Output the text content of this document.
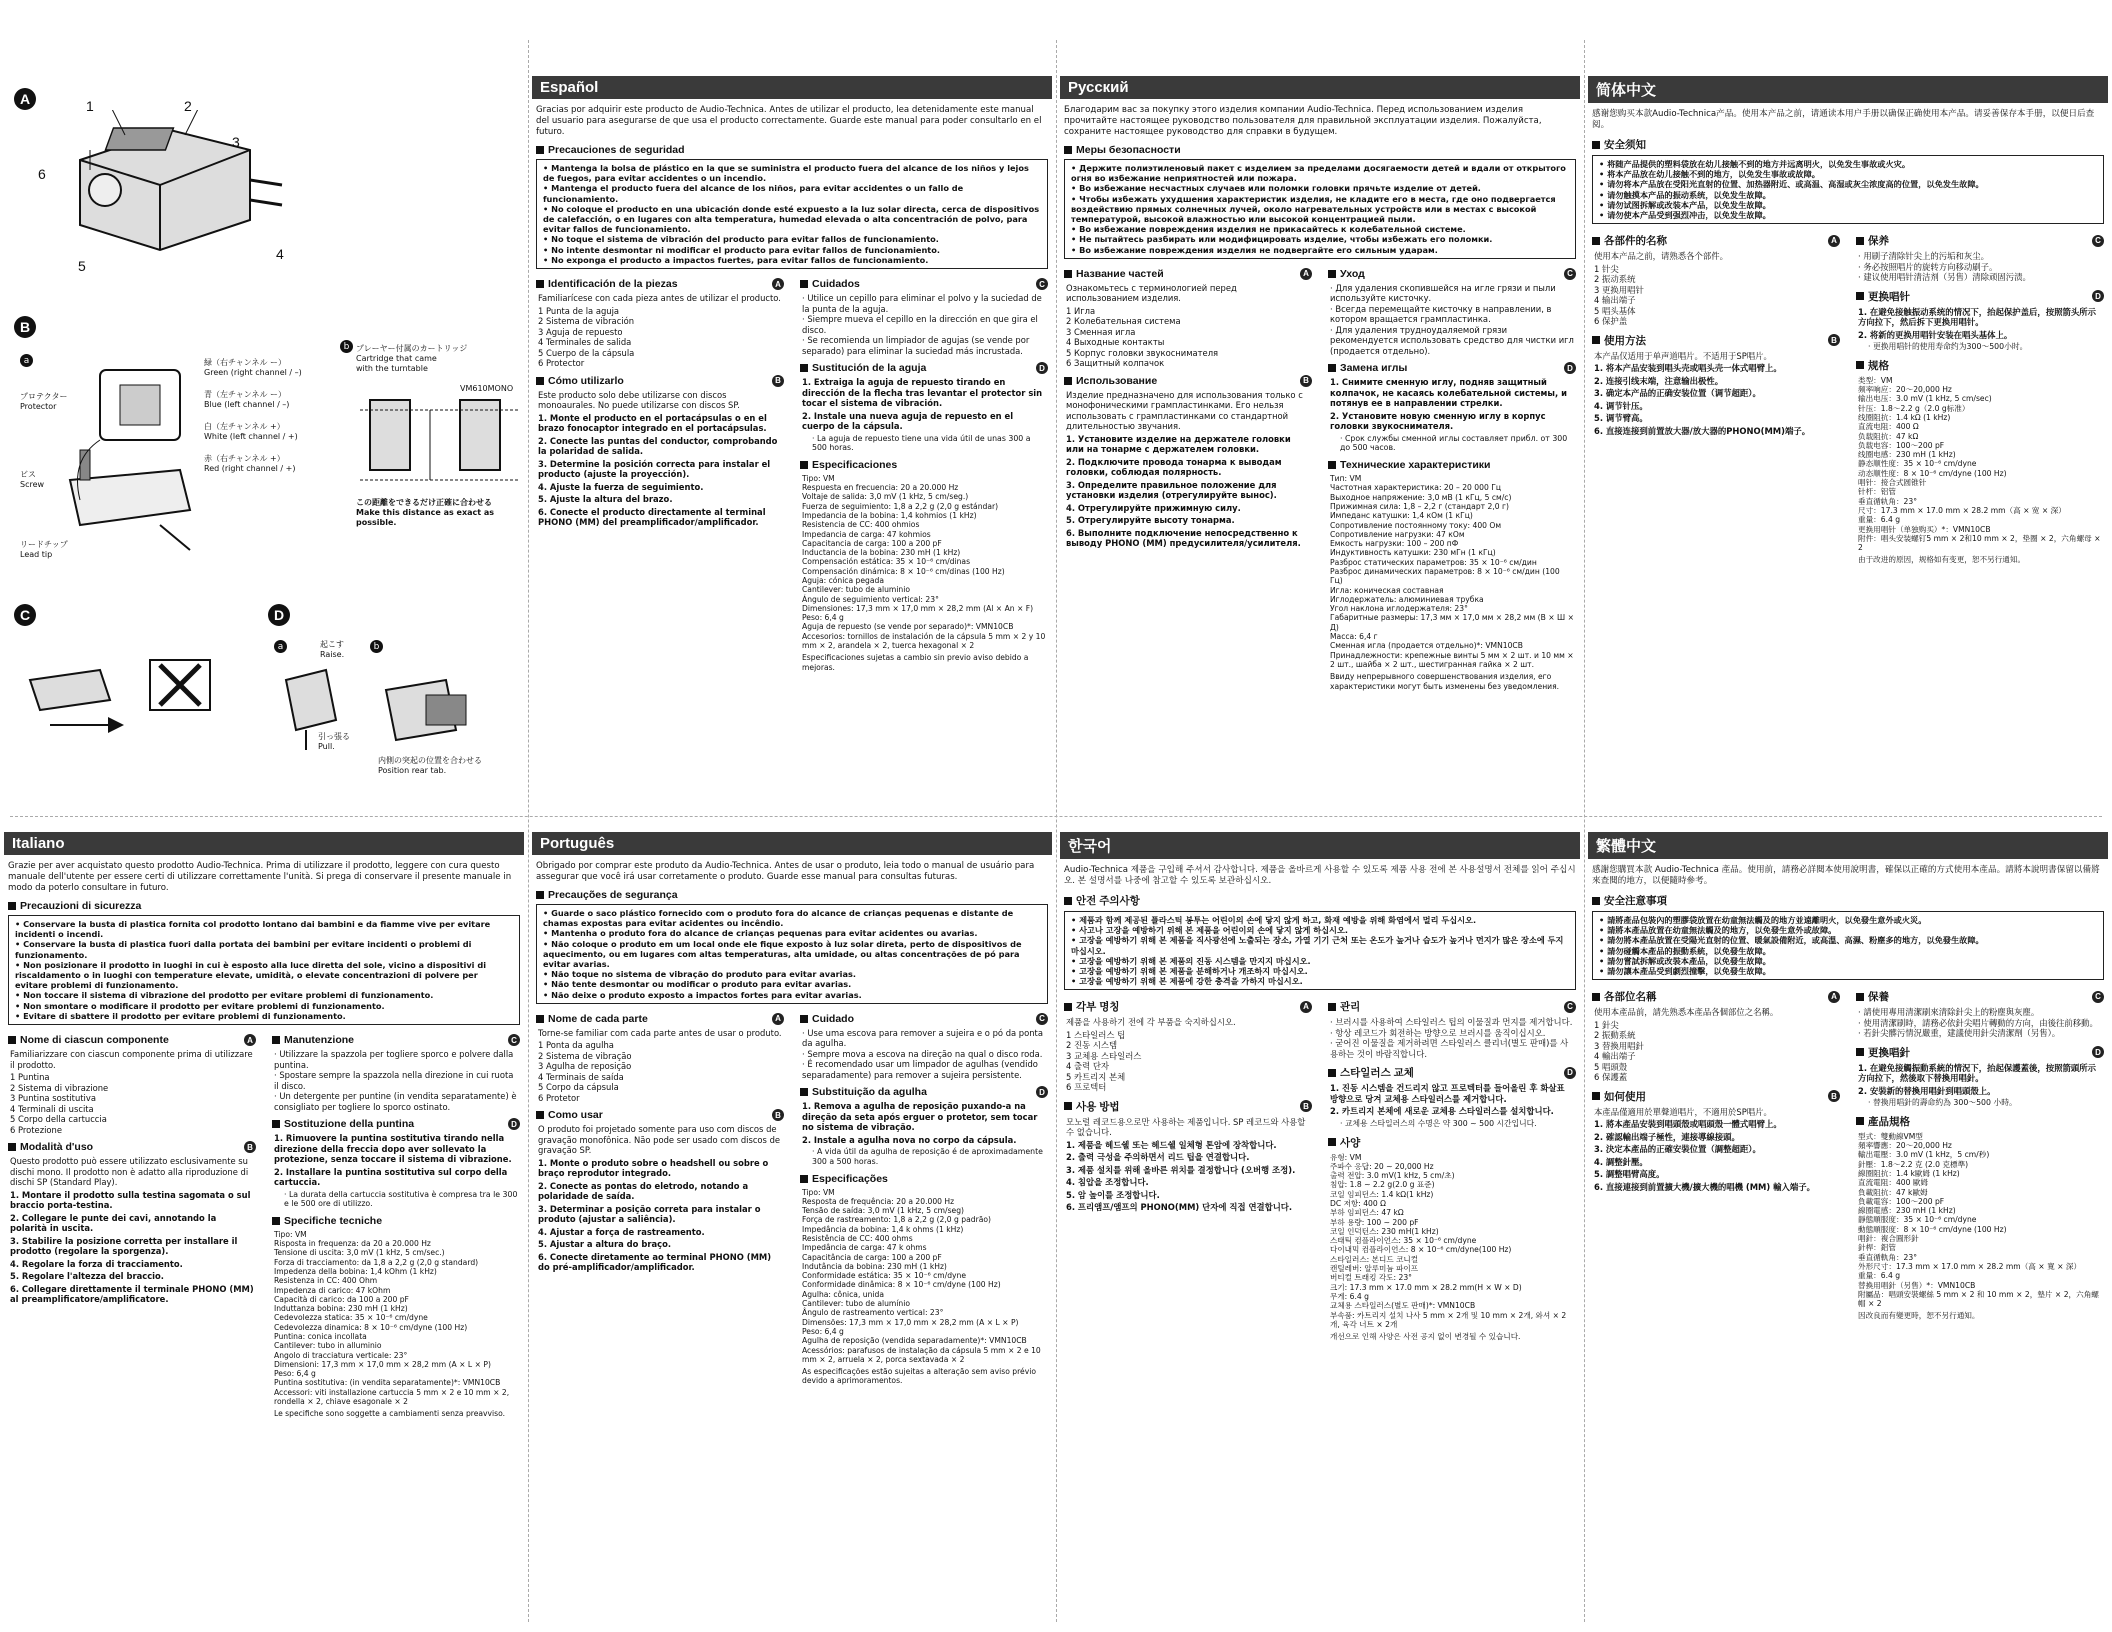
A	1	2
3
4
5
6
B
a
b
緑（右チャンネル ー）
Green (right channel / –)
青（左チャンネル ー）
Blue (left channel / –)
白（左チャンネル +）
White (left channel / +)
赤（右チャンネル +）
Red (right channel / +)
プロテクター
Protector
ビス
Screw
リードチップ
Lead tip
プレーヤー付属のカートリッジ
Cartridge that came
with the turntable
VM610MONO
この距離をできるだけ正確に合わせる
Make this distance as exact as
possible.
C	D
a	b
起こす
Raise.
引っ張る
Pull.
内側の突起の位置を合わせる
Position rear tab.
Español
Gracias por adquirir este producto de Audio-Technica. Antes de utilizar el producto, lea detenidamente este manual del usuario para asegurarse de que usa el producto correctamente. Guarde este manual para poder consultarlo en el futuro.
Precauciones de seguridad
• Mantenga la bolsa de plástico en la que se suministra el producto fuera del alcance de los niños y lejos de fuegos, para evitar accidentes o un incendio.
• Mantenga el producto fuera del alcance de los niños, para evitar accidentes o un fallo de funcionamiento.
• No coloque el producto en una ubicación donde esté expuesto a la luz solar directa, cerca de dispositivos de calefacción, o en lugares con alta temperatura, humedad elevada o alta concentración de polvo, para evitar fallos de funcionamiento.
• No toque el sistema de vibración del producto para evitar fallos de funcionamiento.
• No intente desmontar ni modificar el producto para evitar fallos de funcionamiento.
• No exponga el producto a impactos fuertes, para evitar fallos de funcionamiento.
Identificación de la piezas	A
Familiarícese con cada pieza antes de utilizar el producto.
1 Punta de la aguja
2 Sistema de vibración
3 Aguja de repuesto
4 Terminales de salida
5 Cuerpo de la cápsula
6 Protector
Cómo utilizarlo	B
Este producto solo debe utilizarse con discos monoaurales. No puede utilizarse con discos SP.
1. Monte el producto en el portacápsulas o en el brazo fonocaptor integrado en el portacápsulas.
2. Conecte las puntas del conductor, comprobando la polaridad de salida.
3. Determine la posición correcta para instalar el producto (ajuste la proyección).
4. Ajuste la fuerza de seguimiento.
5. Ajuste la altura del brazo.
6. Conecte el producto directamente al terminal PHONO (MM) del preamplificador/amplificador.
Cuidados	C
· Utilice un cepillo para eliminar el polvo y la suciedad de la punta de la aguja.
· Siempre mueva el cepillo en la dirección en que gira el disco.
· Se recomienda un limpiador de agujas (se vende por separado) para eliminar la suciedad más incrustada.
Sustitución de la aguja	D
1. Extraiga la aguja de repuesto tirando en dirección de la flecha tras levantar el protector sin tocar el sistema de vibración.
2. Instale una nueva aguja de repuesto en el cuerpo de la cápsula.
· La aguja de repuesto tiene una vida útil de unas 300 a 500 horas.
Especificaciones
Tipo: VM
Respuesta en frecuencia: 20 a 20.000 Hz
Voltaje de salida: 3,0 mV (1 kHz, 5 cm/seg.)
Fuerza de seguimiento: 1,8 a 2,2 g (2,0 g estándar)
Impedancia de la bobina: 1,4 kohmios (1 kHz)
Resistencia de CC: 400 ohmios
Impedancia de carga: 47 kohmios
Capacitancia de carga: 100 a 200 pF
Inductancia de la bobina: 230 mH (1 kHz)
Compensación estática: 35 × 10⁻⁶ cm/dinas
Compensación dinámica: 8 × 10⁻⁶ cm/dinas (100 Hz)
Aguja: cónica pegada
Cantilever: tubo de aluminio
Ángulo de seguimiento vertical: 23°
Dimensiones: 17,3 mm × 17,0 mm × 28,2 mm (Al × An × F)
Peso: 6,4 g
Aguja de repuesto (se vende por separado)*: VMN10CB
Accesorios: tornillos de instalación de la cápsula 5 mm × 2 y 10 mm × 2, arandela × 2, tuerca hexagonal × 2
Especificaciones sujetas a cambio sin previo aviso debido a mejoras.
Русский
Благодарим вас за покупку этого изделия компании Audio-Technica. Перед использованием изделия прочитайте настоящее руководство пользователя для правильной эксплуатации изделия. Пожалуйста, сохраните настоящее руководство для справки в будущем.
Меры безопасности
• Держите полиэтиленовый пакет с изделием за пределами досягаемости детей и вдали от открытого огня во избежание неприятностей или пожара.
• Во избежание несчастных случаев или поломки головки прячьте изделие от детей.
• Чтобы избежать ухудшения характеристик изделия, не кладите его в места, где оно подвергается воздействию прямых солнечных лучей, около нагревательных устройств или в местах с высокой температурой, высокой влажностью или высокой концентрацией пыли.
• Во избежание повреждения изделия не прикасайтесь к колебательной системе.
• Не пытайтесь разбирать или модифицировать изделие, чтобы избежать его поломки.
• Во избежание повреждения изделия не подвергайте его сильным ударам.
Название частей	A
Ознакомьтесь с терминологией перед использованием изделия.
1 Игла
2 Колебательная система
3 Сменная игла
4 Выходные контакты
5 Корпус головки звукоснимателя
6 Защитный колпачок
Использование	B
Изделие предназначено для использования только с монофоническими грампластинками. Его нельзя использовать с грампластинками со стандартной длительностью звучания.
1. Установите изделие на держателе головки или на тонарме с держателем головки.
2. Подключите провода тонарма к выводам головки, соблюдая полярность.
3. Определите правильное положение для установки изделия (отрегулируйте вынос).
4. Отрегулируйте прижимную силу.
5. Отрегулируйте высоту тонарма.
6. Выполните подключение непосредственно к выводу PHONO (MM) предусилителя/усилителя.
Уход	C
· Для удаления скопившейся на игле грязи и пыли используйте кисточку.
· Всегда перемещайте кисточку в направлении, в котором вращается грампластинка.
· Для удаления трудноудаляемой грязи рекомендуется использовать средство для чистки игл (продается отдельно).
Замена иглы	D
1. Снимите сменную иглу, подняв защитный колпачок, не касаясь колебательной системы, и потянув ее в направлении стрелки.
2. Установите новую сменную иглу в корпус головки звукоснимателя.
· Срок службы сменной иглы составляет прибл. от 300 до 500 часов.
Технические характеристики
Тип: VM
Частотная характеристика: 20 – 20 000 Гц
Выходное напряжение: 3,0 мВ (1 кГц, 5 см/с)
Прижимная сила: 1,8 – 2,2 г (стандарт 2,0 г)
Импеданс катушки: 1,4 кОм (1 кГц)
Сопротивление постоянному току: 400 Ом
Сопротивление нагрузки: 47 кОм
Емкость нагрузки: 100 – 200 пФ
Индуктивность катушки: 230 мГн (1 кГц)
Разброс статических параметров: 35 × 10⁻⁶ см/дин
Разброс динамических параметров: 8 × 10⁻⁶ см/дин (100 Гц)
Игла: коническая составная
Иглодержатель: алюминиевая трубка
Угол наклона иглодержателя: 23°
Габаритные размеры: 17,3 мм × 17,0 мм × 28,2 мм (В × Ш × Д)
Масса: 6,4 г
Сменная игла (продается отдельно)*: VMN10CB
Принадлежности: крепежные винты 5 мм × 2 шт. и 10 мм × 2 шт., шайба × 2 шт., шестигранная гайка × 2 шт.
Ввиду непрерывного совершенствования изделия, его характеристики могут быть изменены без уведомления.
简体中文
感谢您购买本款Audio-Technica产品。使用本产品之前，请通读本用户手册以确保正确使用本产品。请妥善保存本手册，以便日后查阅。
安全须知
• 将随产品提供的塑料袋放在幼儿接触不到的地方并远离明火，以免发生事故或火灾。
• 将本产品放在幼儿接触不到的地方，以免发生事故或故障。
• 请勿将本产品放在受阳光直射的位置、加热器附近、或高温、高湿或灰尘浓度高的位置，以免发生故障。
• 请勿触摸本产品的振动系统，以免发生故障。
• 请勿试图拆解或改装本产品，以免发生故障。
• 请勿使本产品受到强烈冲击，以免发生故障。
各部件的名称	A
使用本产品之前，请熟悉各个部件。
1 针尖
2 振动系统
3 更换用唱针
4 输出端子
5 唱头基体
6 保护盖
使用方法	B
本产品仅适用于单声道唱片。不适用于SP唱片。
1. 将本产品安装到唱头壳或唱头壳一体式唱臂上。
2. 连接引线末端，注意输出极性。
3. 确定本产品的正确安装位置（调节超距）。
4. 调节针压。
5. 调节臂高。
6. 直接连接到前置放大器/放大器的PHONO(MM)端子。
保养	C
· 用刷子清除针尖上的污垢和灰尘。
· 务必按照唱片的旋转方向移动刷子。
· 建议使用唱针清洁剂（另售）清除顽固污渍。
更换唱针	D
1. 在避免接触振动系统的情况下，抬起保护盖后，按照箭头所示方向拉下，然后拆下更换用唱针。
2. 将新的更换用唱针安装在唱头基体上。
· 更换用唱针的使用寿命约为300～500小时。
规格
类型：VM
频率响应：20～20,000 Hz
输出电压：3.0 mV (1 kHz, 5 cm/sec)
针压：1.8～2.2 g（2.0 g标准）
线圈阻抗：1.4 kΩ (1 kHz)
直流电阻：400 Ω
负载阻抗：47 kΩ
负载电容：100～200 pF
线圈电感：230 mH (1 kHz)
静态顺性度：35 × 10⁻⁶ cm/dyne
动态顺性度：8 × 10⁻⁶ cm/dyne (100 Hz)
唱针：接合式圆锥针
针杆：铝管
垂直循轨角：23°
尺寸：17.3 mm × 17.0 mm × 28.2 mm（高 × 宽 × 深）
重量：6.4 g
更换用唱针（单独购买）*：VMN10CB
附件：唱头安装螺钉5 mm × 2和10 mm × 2，垫圈 × 2，六角螺母 × 2
由于改进的原因，规格如有变更，恕不另行通知。
Italiano
Grazie per aver acquistato questo prodotto Audio-Technica. Prima di utilizzare il prodotto, leggere con cura questo manuale dell'utente per essere certi di utilizzare correttamente l'unità. Si prega di conservare il presente manuale in modo da poterlo consultare in futuro.
Precauzioni di sicurezza
• Conservare la busta di plastica fornita col prodotto lontano dai bambini e da fiamme vive per evitare incidenti o incendi.
• Conservare la busta di plastica fuori dalla portata dei bambini per evitare incidenti o problemi di funzionamento.
• Non posizionare il prodotto in luoghi in cui è esposto alla luce diretta del sole, vicino a dispositivi di riscaldamento o in luoghi con temperature elevate, umidità, o elevate concentrazioni di polvere per evitare problemi di funzionamento.
• Non toccare il sistema di vibrazione del prodotto per evitare problemi di funzionamento.
• Non smontare o modificare il prodotto per evitare problemi di funzionamento.
• Evitare di sbattere il prodotto per evitare problemi di funzionamento.
Nome di ciascun componente	A
Familiarizzare con ciascun componente prima di utilizzare il prodotto.
1 Puntina
2 Sistema di vibrazione
3 Puntina sostitutiva
4 Terminali di uscita
5 Corpo della cartuccia
6 Protezione
Modalità d'uso	B
Questo prodotto può essere utilizzato esclusivamente su dischi mono. Il prodotto non è adatto alla riproduzione di dischi SP (Standard Play).
1. Montare il prodotto sulla testina sagomata o sul braccio porta-testina.
2. Collegare le punte dei cavi, annotando la polarità in uscita.
3. Stabilire la posizione corretta per installare il prodotto (regolare la sporgenza).
4. Regolare la forza di tracciamento.
5. Regolare l'altezza del braccio.
6. Collegare direttamente il terminale PHONO (MM) al preamplificatore/amplificatore.
Manutenzione	C
· Utilizzare la spazzola per togliere sporco e polvere dalla puntina.
· Spostare sempre la spazzola nella direzione in cui ruota il disco.
· Un detergente per puntine (in vendita separatamente) è consigliato per togliere lo sporco ostinato.
Sostituzione della puntina	D
1. Rimuovere la puntina sostitutiva tirando nella direzione della freccia dopo aver sollevato la protezione, senza toccare il sistema di vibrazione.
2. Installare la puntina sostitutiva sul corpo della cartuccia.
· La durata della cartuccia sostitutiva è compresa tra le 300 e le 500 ore di utilizzo.
Specifiche tecniche
Tipo: VM
Risposta in frequenza: da 20 a 20.000 Hz
Tensione di uscita: 3,0 mV (1 kHz, 5 cm/sec.)
Forza di tracciamento: da 1,8 a 2,2 g (2,0 g standard)
Impedenza della bobina: 1,4 kOhm (1 kHz)
Resistenza in CC: 400 Ohm
Impedenza di carico: 47 kOhm
Capacità di carico: da 100 a 200 pF
Induttanza bobina: 230 mH (1 kHz)
Cedevolezza statica: 35 × 10⁻⁶ cm/dyne
Cedevolezza dinamica: 8 × 10⁻⁶ cm/dyne (100 Hz)
Puntina: conica incollata
Cantilever: tubo in alluminio
Angolo di tracciatura verticale: 23°
Dimensioni: 17,3 mm × 17,0 mm × 28,2 mm (A × L × P)
Peso: 6,4 g
Puntina sostitutiva: (in vendita separatamente)*: VMN10CB
Accessori: viti installazione cartuccia 5 mm × 2 e 10 mm × 2, rondella × 2, chiave esagonale × 2
Le specifiche sono soggette a cambiamenti senza preavviso.
Português
Obrigado por comprar este produto da Audio-Technica. Antes de usar o produto, leia todo o manual de usuário para assegurar que você irá usar corretamente o produto. Guarde esse manual para consultas futuras.
Precauções de segurança
• Guarde o saco plástico fornecido com o produto fora do alcance de crianças pequenas e distante de chamas expostas para evitar acidentes ou incêndio.
• Mantenha o produto fora do alcance de crianças pequenas para evitar acidentes ou avarias.
• Não coloque o produto em um local onde ele fique exposto à luz solar direta, perto de dispositivos de aquecimento, ou em lugares com altas temperaturas, alta umidade, ou altas concentrações de pó para evitar avarias.
• Não toque no sistema de vibração do produto para evitar avarias.
• Não tente desmontar ou modificar o produto para evitar avarias.
• Não deixe o produto exposto a impactos fortes para evitar avarias.
Nome de cada parte	A
Torne-se familiar com cada parte antes de usar o produto.
1 Ponta da agulha
2 Sistema de vibração
3 Agulha de reposição
4 Terminais de saída
5 Corpo da cápsula
6 Protetor
Como usar	B
O produto foi projetado somente para uso com discos de gravação monofônica. Não pode ser usado com discos de gravação SP.
1. Monte o produto sobre o headshell ou sobre o braço reprodutor integrado.
2. Conecte as pontas do eletrodo, notando a polaridade de saída.
3. Determinar a posição correta para instalar o produto (ajustar a saliência).
4. Ajustar a força de rastreamento.
5. Ajustar a altura do braço.
6. Conecte diretamente ao terminal PHONO (MM) do pré-amplificador/amplificador.
Cuidado	C
· Use uma escova para remover a sujeira e o pó da ponta da agulha.
· Sempre mova a escova na direção na qual o disco roda.
· É recomendado usar um limpador de agulhas (vendido separadamente) para remover a sujeira persistente.
Substituição da agulha	D
1. Remova a agulha de reposição puxando-a na direção da seta após erguer o protetor, sem tocar no sistema de vibração.
2. Instale a agulha nova no corpo da cápsula.
· A vida útil da agulha de reposição é de aproximadamente 300 a 500 horas.
Especificações
Tipo: VM
Resposta de frequência: 20 a 20.000 Hz
Tensão de saída: 3,0 mV (1 kHz, 5 cm/seg)
Força de rastreamento: 1,8 a 2,2 g (2,0 g padrão)
Impedância da bobina: 1,4 k ohms (1 kHz)
Resistência de CC: 400 ohms
Impedância de carga: 47 k ohms
Capacitância de carga: 100 a 200 pF
Indutância da bobina: 230 mH (1 kHz)
Conformidade estática: 35 × 10⁻⁶ cm/dyne
Conformidade dinâmica: 8 × 10⁻⁶ cm/dyne (100 Hz)
Agulha: cônica, unida
Cantilever: tubo de alumínio
Ângulo de rastreamento vertical: 23°
Dimensões: 17,3 mm × 17,0 mm × 28,2 mm (A × L × P)
Peso: 6,4 g
Agulha de reposição (vendida separadamente)*: VMN10CB
Acessórios: parafusos de instalação da cápsula 5 mm × 2 e 10 mm × 2, arruela × 2, porca sextavada × 2
As especificações estão sujeitas a alteração sem aviso prévio devido a aprimoramentos.
한국어
Audio-Technica 제품을 구입해 주셔서 감사합니다. 제품을 올바르게 사용할 수 있도록 제품 사용 전에 본 사용설명서 전체를 읽어 주십시오. 본 설명서를 나중에 참고할 수 있도록 보관하십시오.
안전 주의사항
• 제품과 함께 제공된 플라스틱 봉투는 어린이의 손에 닿지 않게 하고, 화재 예방을 위해 화염에서 멀리 두십시오.
• 사고나 고장을 예방하기 위해 본 제품을 어린이의 손에 닿지 않게 하십시오.
• 고장을 예방하기 위해 본 제품을 직사광선에 노출되는 장소, 가열 기기 근처 또는 온도가 높거나 습도가 높거나 먼지가 많은 장소에 두지 마십시오.
• 고장을 예방하기 위해 본 제품의 진동 시스템을 만지지 마십시오.
• 고장을 예방하기 위해 본 제품을 분해하거나 개조하지 마십시오.
• 고장을 예방하기 위해 본 제품에 강한 충격을 가하지 마십시오.
각부 명칭	A
제품을 사용하기 전에 각 부품을 숙지하십시오.
1 스타일러스 팁
2 진동 시스템
3 교체용 스타일러스
4 출력 단자
5 카트리지 본체
6 프로텍터
사용 방법	B
모노럴 레코드용으로만 사용하는 제품입니다. SP 레코드와 사용할 수 없습니다.
1. 제품을 헤드쉘 또는 헤드쉘 일체형 톤암에 장착합니다.
2. 출력 극성을 주의하면서 리드 팁을 연결합니다.
3. 제품 설치를 위해 올바른 위치를 결정합니다 (오버행 조정).
4. 침압을 조정합니다.
5. 암 높이를 조정합니다.
6. 프리앰프/앰프의 PHONO(MM) 단자에 직접 연결합니다.
관리	C
· 브러시를 사용하여 스타일러스 팁의 이물질과 먼지를 제거합니다.
· 항상 레코드가 회전하는 방향으로 브러시를 움직이십시오.
· 굳어진 이물질을 제거하려면 스타일러스 클리너(별도 판매)를 사용하는 것이 바람직합니다.
스타일러스 교체	D
1. 진동 시스템을 건드리지 않고 프로텍터를 들어올린 후 화살표 방향으로 당겨 교체용 스타일러스를 제거합니다.
2. 카트리지 본체에 새로운 교체용 스타일러스를 설치합니다.
· 교체용 스타일러스의 수명은 약 300 ~ 500 시간입니다.
사양
유형: VM
주파수 응답: 20 ~ 20,000 Hz
출력 전압: 3.0 mV(1 kHz, 5 cm/초)
침압: 1.8 ~ 2.2 g(2.0 g 표준)
코일 임피던스: 1.4 kΩ(1 kHz)
DC 저항: 400 Ω
부하 임피던스: 47 kΩ
부하 용량: 100 ~ 200 pF
코일 인덕턴스: 230 mH(1 kHz)
스태틱 컴플라이언스: 35 × 10⁻⁶ cm/dyne
다이내믹 컴플라이언스: 8 × 10⁻⁶ cm/dyne(100 Hz)
스타일러스: 본디드 코니컬
캔틸레버: 알루미늄 파이프
버티컬 트래킹 각도: 23°
크기: 17.3 mm × 17.0 mm × 28.2 mm(H × W × D)
무게: 6.4 g
교체용 스타일러스(별도 판매)*: VMN10CB
부속품: 카트리지 설치 나사 5 mm × 2개 및 10 mm × 2개, 와셔 × 2개, 육각 너트 × 2개
개선으로 인해 사양은 사전 공지 없이 변경될 수 있습니다.
繁體中文
感謝您購買本款 Audio-Technica 產品。使用前，請務必詳閱本使用說明書，確保以正確的方式使用本產品。請將本說明書保留以備將來查閱的地方，以便隨時參考。
安全注意事項
• 請將產品包裝內的塑膠袋放置在幼童無法觸及的地方並遠離明火，以免發生意外或火災。
• 請將本產品放置在幼童無法觸及的地方，以免發生意外或故障。
• 請勿將本產品放置在受陽光直射的位置、暖氣設備附近，或高溫、高濕、粉塵多的地方，以免發生故障。
• 請勿碰觸本產品的振動系統，以免發生故障。
• 請勿嘗試拆解或改裝本產品，以免發生故障。
• 請勿讓本產品受到劇烈撞擊，以免發生故障。
各部位名稱	A
使用本產品前，請先熟悉本產品各個部位之名稱。
1 針尖
2 振動系統
3 替換用唱針
4 輸出端子
5 唱頭殼
6 保護蓋
如何使用	B
本產品僅適用於單聲道唱片，不適用於SP唱片。
1. 將本產品安裝到唱頭殼或唱頭殼一體式唱臂上。
2. 確認輸出端子極性，連接導線接頭。
3. 決定本產品的正確安裝位置（調整超距）。
4. 調整針壓。
5. 調整唱臂高度。
6. 直接連接到前置擴大機/擴大機的唱機 (MM) 輸入端子。
保養	C
· 請使用專用清潔刷來清除針尖上的粉塵與灰塵。
· 使用清潔刷時，請務必依針尖唱片轉動的方向，由後往前移動。
· 若針尖髒污情況嚴重，建議使用針尖清潔劑（另售）。
更換唱針	D
1. 在避免接觸振動系統的情況下，抬起保護蓋後，按照箭頭所示方向拉下，然後取下替換用唱針。
2. 安裝新的替換用唱針到唱頭殼上。
· 替換用唱針的壽命約為 300～500 小時。
產品規格
型式：雙動線VM型
頻率響應：20～20,000 Hz
輸出電壓：3.0 mV (1 kHz，5 cm/秒)
針壓：1.8～2.2 克 (2.0 克標準)
線圈阻抗：1.4 k歐姆 (1 kHz)
直流電阻：400 歐姆
負載阻抗：47 k歐姆
負載電容：100～200 pF
線圈電感：230 mH (1 kHz)
靜態順服度：35 × 10⁻⁶ cm/dyne
動態順服度：8 × 10⁻⁶ cm/dyne (100 Hz)
唱針：複合圓形針
針桿：鋁管
垂直循軌角：23°
外形尺寸：17.3 mm × 17.0 mm × 28.2 mm（高 × 寬 × 深）
重量：6.4 g
替換用唱針（另售）*：VMN10CB
附屬品：唱頭安裝螺絲 5 mm × 2 和 10 mm × 2，墊片 × 2，六角螺帽 × 2
因改良而有變更時，恕不另行通知。
